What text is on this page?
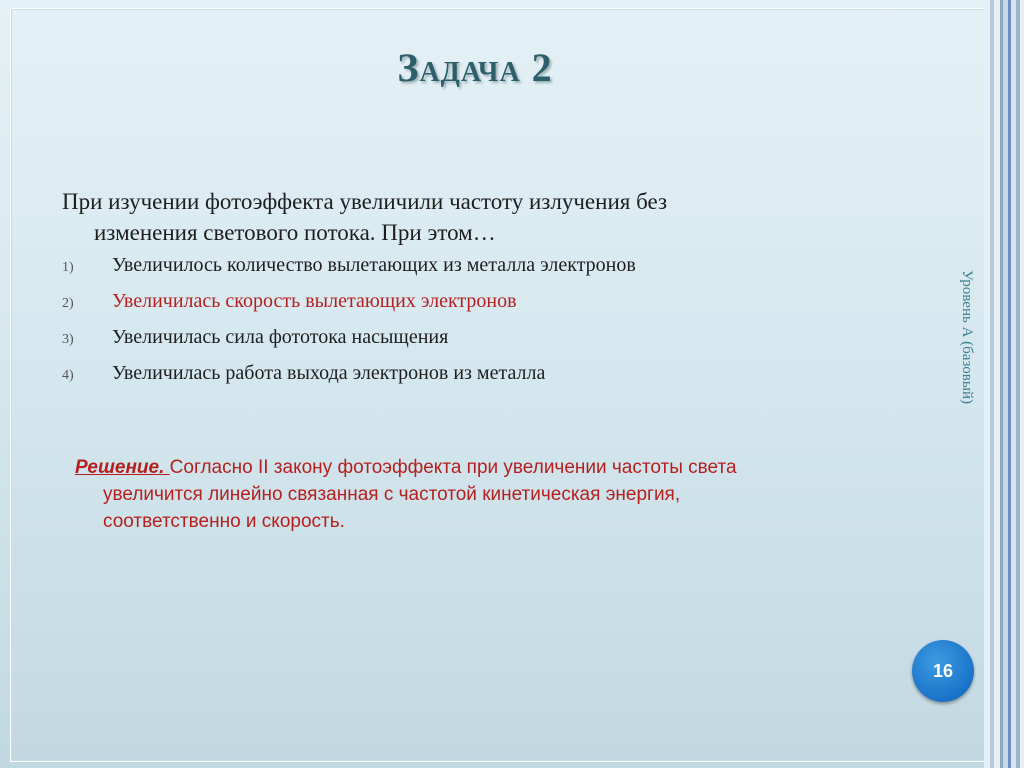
Задача 2

При изучении фотоэффекта увеличили частоту излучения без
изменения светового потока. При этом…

1)	Увеличилось количество вылетающих из металла электронов
2)	Увеличилась скорость вылетающих электронов
3)	Увеличилась сила фототока насыщения
4)	Увеличилась работа выхода электронов из металла
Решение. Согласно II закону фотоэффекта при увеличении частоты света
увеличится линейно связанная с частотой кинетическая энергия,
соответственно и скорость.
Уровень А (базовый)
16
